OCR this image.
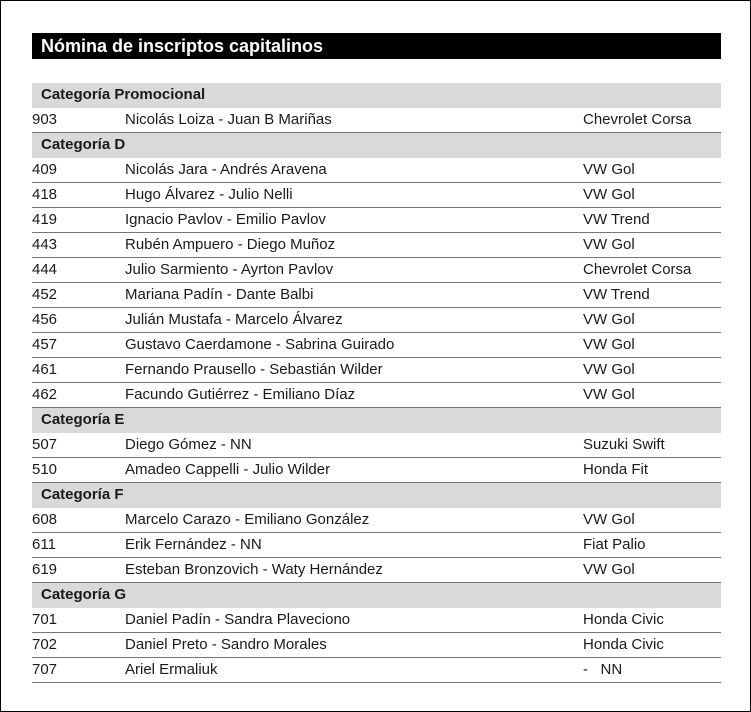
Nómina de inscriptos capitalinos
Categoría Promocional
903	Nicolás Loiza - Juan B Mariñas	Chevrolet Corsa
Categoría D
409	Nicolás Jara - Andrés Aravena	VW Gol
418	Hugo Álvarez - Julio Nelli	VW Gol
419	Ignacio Pavlov - Emilio Pavlov	VW Trend
443	Rubén Ampuero - Diego Muñoz	VW Gol
444	Julio Sarmiento - Ayrton Pavlov	Chevrolet Corsa
452	Mariana Padín - Dante Balbi	VW Trend
456	Julián Mustafa - Marcelo Álvarez	VW Gol
457	Gustavo Caerdamone - Sabrina Guirado	VW Gol
461	Fernando Prausello - Sebastián Wilder	VW Gol
462	Facundo Gutiérrez - Emiliano Díaz	VW Gol
Categoría E
507	Diego Gómez - NN	Suzuki Swift
510	Amadeo Cappelli - Julio Wilder	Honda Fit
Categoría F
608	Marcelo Carazo - Emiliano González	VW Gol
611	Erik Fernández - NN	Fiat Palio
619	Esteban Bronzovich - Waty Hernández	VW Gol
Categoría G
701	Daniel Padín - Sandra Plaveciono	Honda Civic
702	Daniel Preto - Sandro Morales	Honda Civic
707	Ariel Ermaliuk	-   NN
